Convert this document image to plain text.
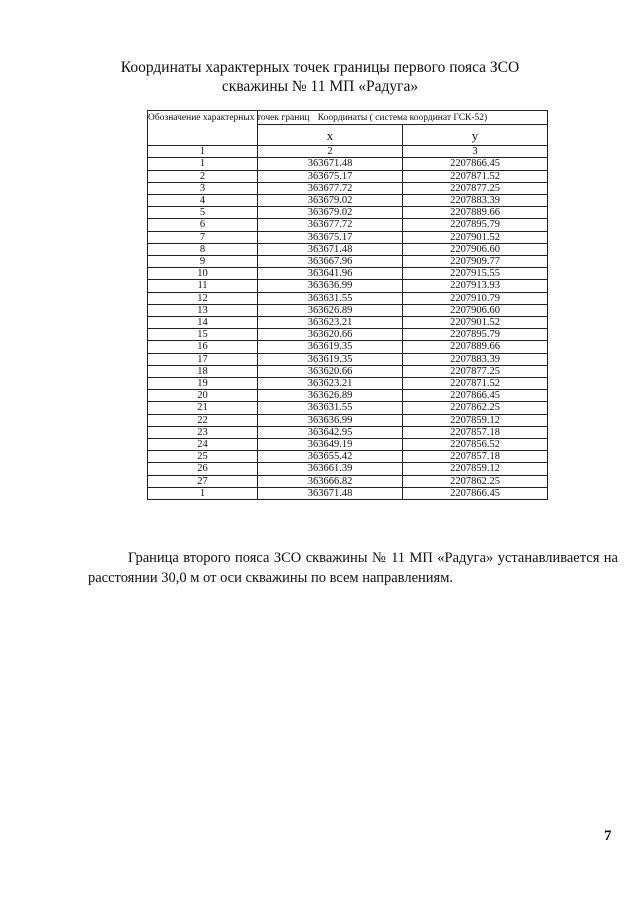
Координаты характерных точек границы первого пояса ЗСО
скважины № 11 МП «Радуга»
Обозначение характерных точек границ	Координаты ( система координат ГСК-52)	
	x	y
1	2	3
1	363671.48	2207866.45
2	363675.17	2207871.52
3	363677.72	2207877.25
4	363679.02	2207883.39
5	363679.02	2207889.66
6	363677.72	2207895.79
7	363675.17	2207901.52
8	363671.48	2207906.60
9	363667.96	2207909.77
10	363641.96	2207915.55
11	363636.99	2207913.93
12	363631.55	2207910.79
13	363626.89	2207906.60
14	363623.21	2207901.52
15	363620.66	2207895.79
16	363619.35	2207889.66
17	363619.35	2207883.39
18	363620.66	2207877.25
19	363623.21	2207871.52
20	363626.89	2207866.45
21	363631.55	2207862.25
22	363636.99	2207859.12
23	363642.95	2207857.18
24	363649.19	2207856.52
25	363655.42	2207857.18
26	363661.39	2207859.12
27	363666.82	2207862.25
1	363671.48	2207866.45
Граница второго пояса ЗСО скважины № 11 МП «Радуга» устанавливается на расстоянии 30,0 м от оси скважины по всем направлениям.
7
